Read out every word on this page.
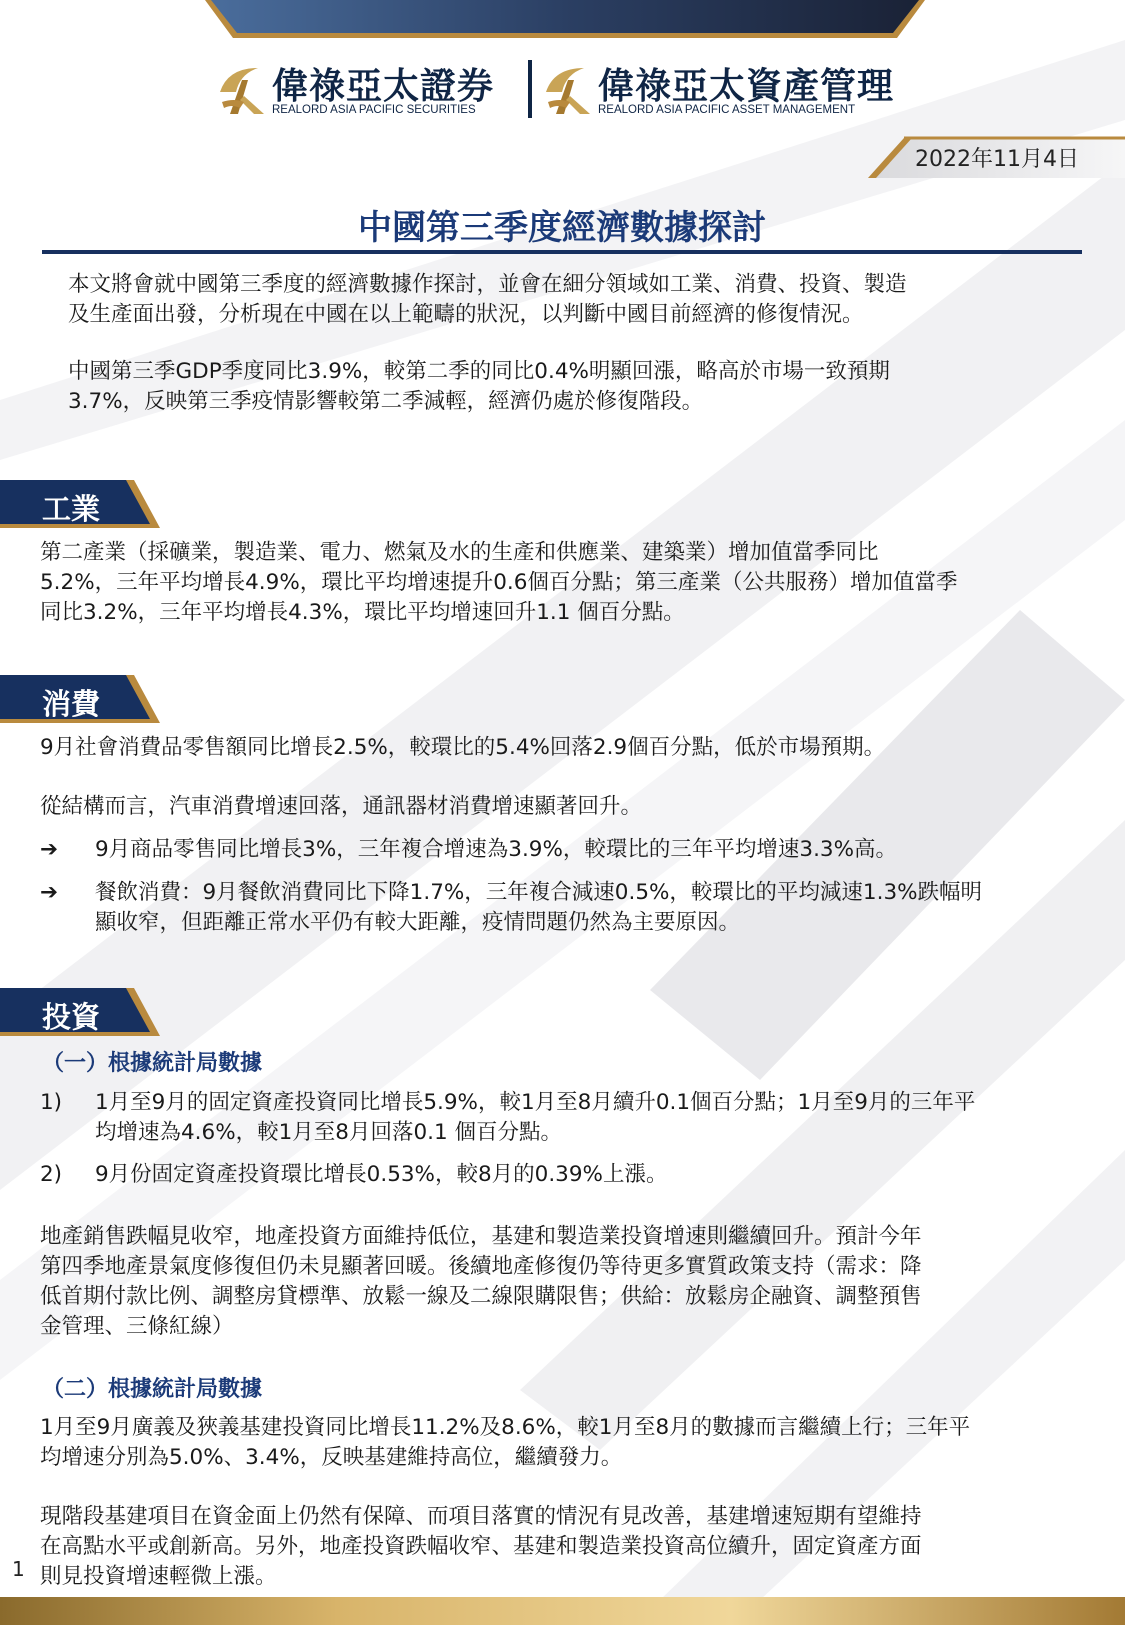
偉祿亞太證券
REALORD ASIA PACIFIC SECURITIES
偉祿亞太資產管理
REALORD ASIA PACIFIC ASSET MANAGEMENT
2022年11月4日
中國第三季度經濟數據探討
本文將會就中國第三季度的經濟數據作探討，並會在細分領域如工業、消費、投資、製造
及生產面出發，分析現在中國在以上範疇的狀況，以判斷中國目前經濟的修復情況。
中國第三季GDP季度同比3.9%，較第二季的同比0.4%明顯回漲，略高於市場一致預期
3.7%，反映第三季疫情影響較第二季減輕，經濟仍處於修復階段。
工業
第二產業（採礦業，製造業、電力、燃氣及水的生產和供應業、建築業）增加值當季同比
5.2%，三年平均增長4.9%，環比平均增速提升0.6個百分點；第三產業（公共服務）增加值當季
同比3.2%，三年平均增長4.3%，環比平均增速回升1.1 個百分點。
消費
9月社會消費品零售額同比增長2.5%，較環比的5.4%回落2.9個百分點，低於市場預期。
從結構而言，汽車消費增速回落，通訊器材消費增速顯著回升。
➔ 9月商品零售同比增長3%，三年複合增速為3.9%，較環比的三年平均增速3.3%高。
➔ 餐飲消費：9月餐飲消費同比下降1.7%，三年複合減速0.5%，較環比的平均減速1.3%跌幅明
顯收窄，但距離正常水平仍有較大距離，疫情問題仍然為主要原因。
投資
（一）根據統計局數據
1) 1月至9月的固定資產投資同比增長5.9%，較1月至8月續升0.1個百分點；1月至9月的三年平
均增速為4.6%，較1月至8月回落0.1 個百分點。
2) 9月份固定資產投資環比增長0.53%，較8月的0.39%上漲。
地產銷售跌幅見收窄，地產投資方面維持低位，基建和製造業投資增速則繼續回升。預計今年
第四季地產景氣度修復但仍未見顯著回暖。後續地產修復仍等待更多實質政策支持（需求：降
低首期付款比例、調整房貸標準、放鬆一線及二線限購限售；供給：放鬆房企融資、調整預售
金管理、三條紅線）
（二）根據統計局數據
1月至9月廣義及狹義基建投資同比增長11.2%及8.6%，較1月至8月的數據而言繼續上行；三年平
均增速分別為5.0%、3.4%，反映基建維持高位，繼續發力。
現階段基建項目在資金面上仍然有保障、而項目落實的情況有見改善，基建增速短期有望維持
在高點水平或創新高。另外，地產投資跌幅收窄、基建和製造業投資高位續升，固定資產方面
則見投資增速輕微上漲。
1
